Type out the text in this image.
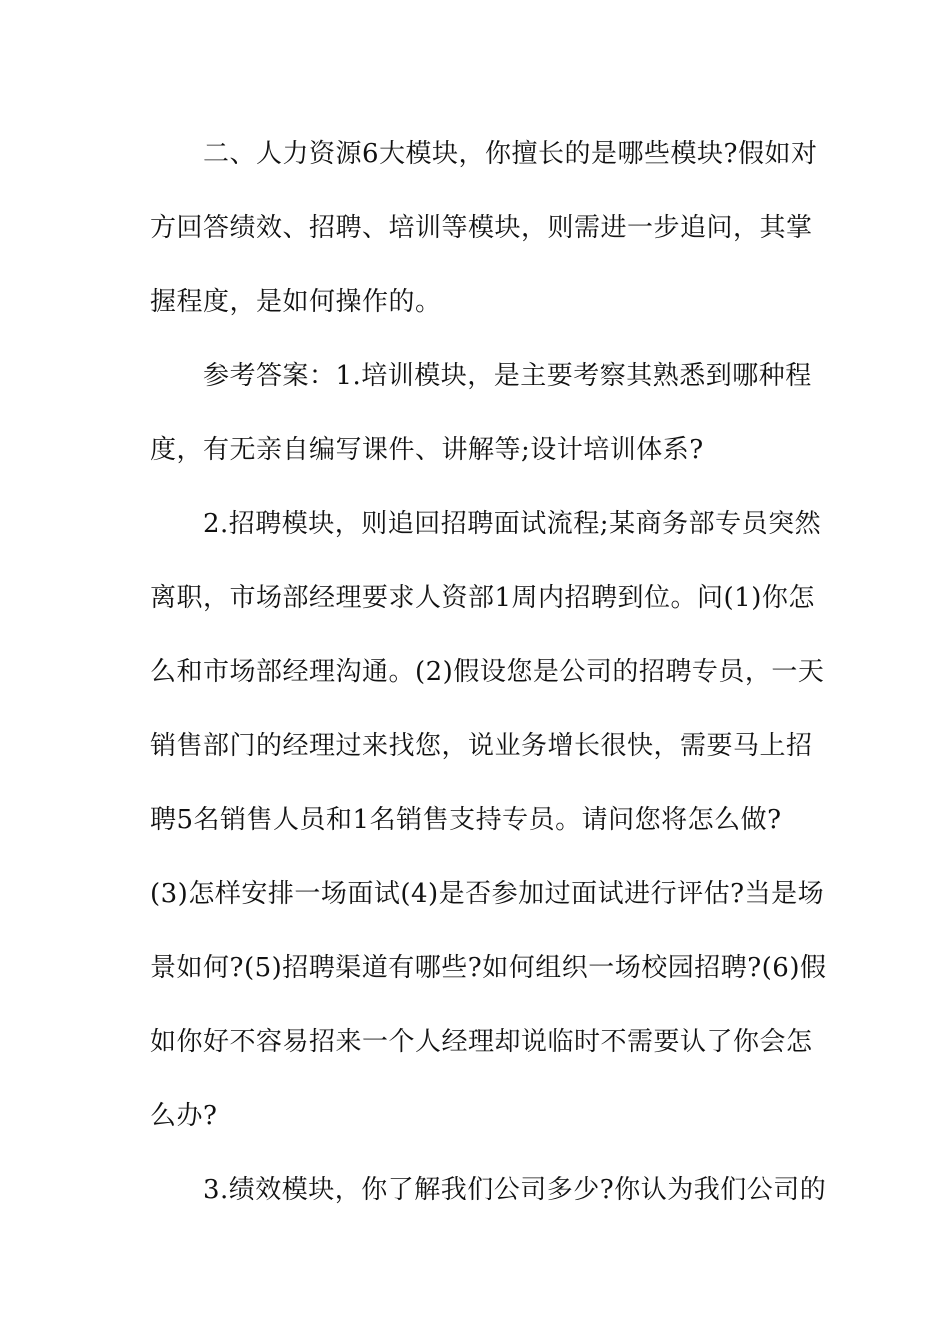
二、人力资源6大模块，你擅长的是哪些模块?假如对
方回答绩效、招聘、培训等模块，则需进一步追问，其掌
握程度，是如何操作的。
参考答案：1.培训模块，是主要考察其熟悉到哪种程
度，有无亲自编写课件、讲解等;设计培训体系?
2.招聘模块，则追回招聘面试流程;某商务部专员突然
离职，市场部经理要求人资部1周内招聘到位。问(1)你怎
么和市场部经理沟通。(2)假设您是公司的招聘专员，一天
销售部门的经理过来找您，说业务增长很快，需要马上招
聘5名销售人员和1名销售支持专员。请问您将怎么做?
(3)怎样安排一场面试(4)是否参加过面试进行评估?当是场
景如何?(5)招聘渠道有哪些?如何组织一场校园招聘?(6)假
如你好不容易招来一个人经理却说临时不需要认了你会怎
么办?
3.绩效模块，你了解我们公司多少?你认为我们公司的
